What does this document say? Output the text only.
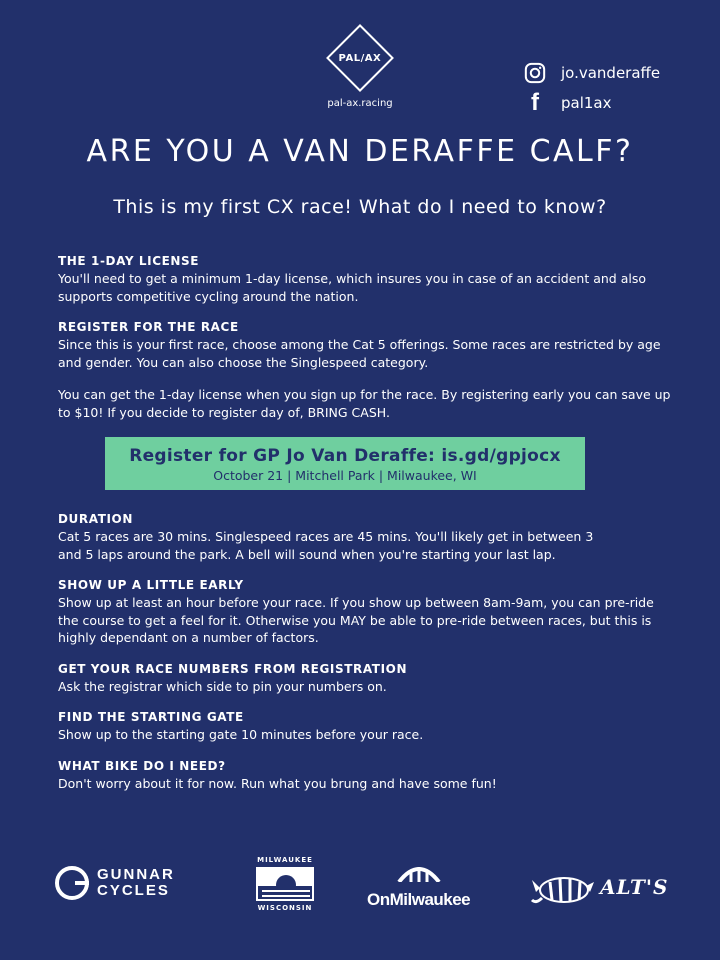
PAL/AX
pal-ax.racing
jo.vanderaffe
f	pal1ax
ARE YOU A VAN DERAFFE CALF?
This is my first CX race! What do I need to know?
THE 1-DAY LICENSE

You'll need to get a minimum 1-day license, which insures you in case of an accident and also supports competitive cycling around the nation.

REGISTER FOR THE RACE

Since this is your first race, choose among the Cat 5 offerings. Some races are restricted by age and gender. You can also choose the Singlespeed category.

You can get the 1-day license when you sign up for the race. By registering early you can save up to $10! If you decide to register day of, BRING CASH.

Register for GP Jo Van Deraffe: is.gd/gpjocx
October 21 | Mitchell Park | Milwaukee, WI
DURATION

Cat 5 races are 30 mins. Singlespeed races are 45 mins. You'll likely get in between 3 and 5 laps around the park. A bell will sound when you're starting your last lap.

SHOW UP A LITTLE EARLY

Show up at least an hour before your race. If you show up between 8am-9am, you can pre-ride the course to get a feel for it. Otherwise you MAY be able to pre-ride between races, but this is highly dependant on a number of factors.

GET YOUR RACE NUMBERS FROM REGISTRATION

Ask the registrar which side to pin your numbers on.

FIND THE STARTING GATE

Show up to the starting gate 10 minutes before your race.

WHAT BIKE DO I NEED?

Don't worry about it for now. Run what you brung and have some fun!

GUNNAR
CYCLES
MILWAUKEE
WISCONSIN	OnMilwaukee
ALT'S
